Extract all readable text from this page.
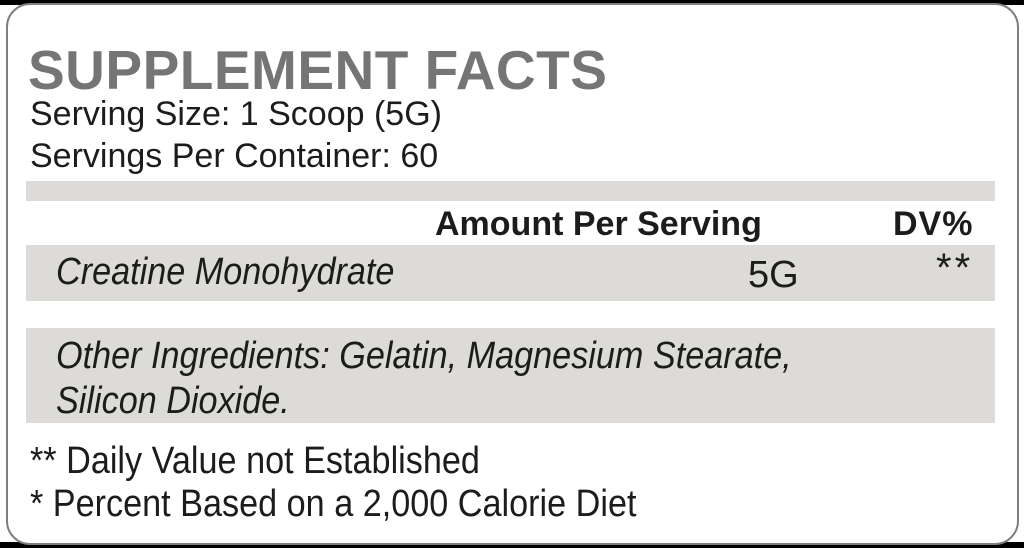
SUPPLEMENT FACTS
Serving Size: 1 Scoop (5G)
Servings Per Container: 60
Amount Per Serving	DV%
Creatine Monohydrate	5G	**
Other Ingredients: Gelatin, Magnesium Stearate,
Silicon Dioxide.
** Daily Value not Established
* Percent Based on a 2,000 Calorie Diet
